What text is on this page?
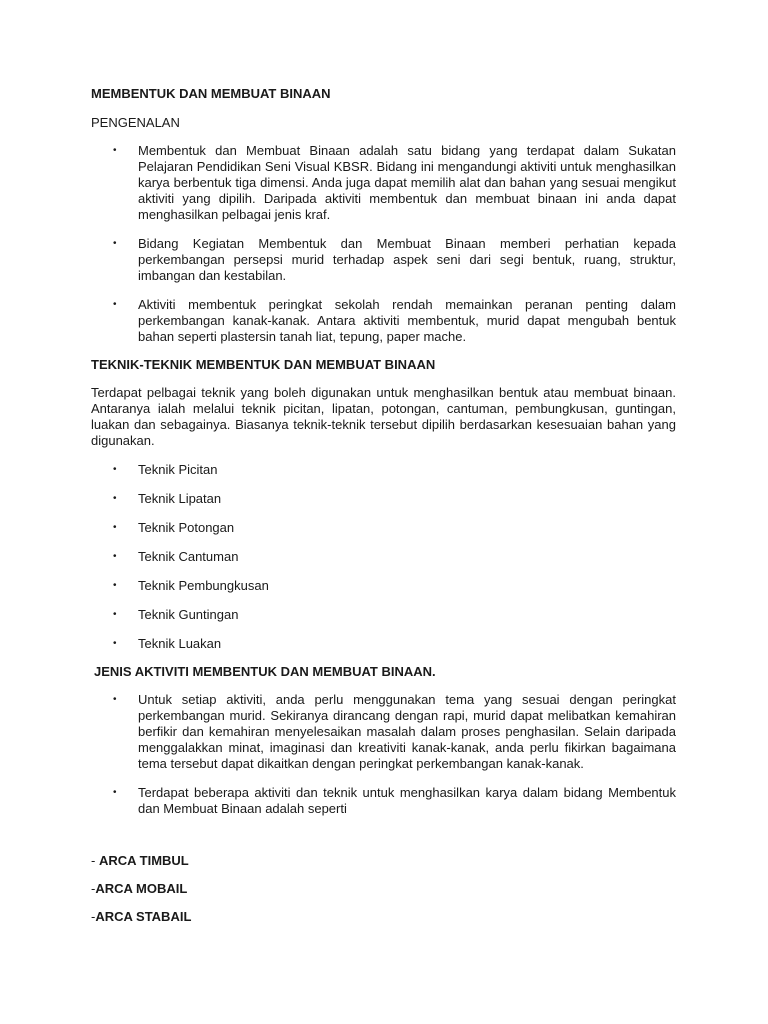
MEMBENTUK DAN MEMBUAT BINAAN

PENGENALAN

• Membentuk dan Membuat Binaan adalah satu bidang yang terdapat dalam Sukatan Pelajaran Pendidikan Seni Visual KBSR. Bidang ini mengandungi aktiviti untuk menghasilkan karya berbentuk tiga dimensi. Anda juga dapat memilih alat dan bahan yang sesuai mengikut aktiviti yang dipilih. Daripada aktiviti membentuk dan membuat binaan ini anda dapat menghasilkan pelbagai jenis kraf.
• Bidang Kegiatan Membentuk dan Membuat Binaan memberi perhatian kepada perkembangan persepsi murid terhadap aspek seni dari segi bentuk, ruang, struktur, imbangan dan kestabilan.
• Aktiviti membentuk peringkat sekolah rendah memainkan peranan penting dalam perkembangan kanak-kanak. Antara aktiviti membentuk, murid dapat mengubah bentuk bahan seperti plastersin tanah liat, tepung, paper mache.

TEKNIK-TEKNIK MEMBENTUK DAN MEMBUAT BINAAN

Terdapat pelbagai teknik yang boleh digunakan untuk menghasilkan bentuk atau membuat binaan. Antaranya ialah melalui teknik picitan, lipatan, potongan, cantuman, pembungkusan, guntingan, luakan dan sebagainya. Biasanya teknik-teknik tersebut dipilih berdasarkan kesesuaian bahan yang digunakan.

• Teknik Picitan
• Teknik Lipatan
• Teknik Potongan
• Teknik Cantuman
• Teknik Pembungkusan
• Teknik Guntingan
• Teknik Luakan

JENIS AKTIVITI MEMBENTUK DAN MEMBUAT BINAAN.

• Untuk setiap aktiviti, anda perlu menggunakan tema yang sesuai dengan peringkat perkembangan murid. Sekiranya dirancang dengan rapi, murid dapat melibatkan kemahiran berfikir dan kemahiran menyelesaikan masalah dalam proses penghasilan. Selain daripada menggalakkan minat, imaginasi dan kreativiti kanak-kanak, anda perlu fikirkan bagaimana tema tersebut dapat dikaitkan dengan peringkat perkembangan kanak-kanak.
• Terdapat beberapa aktiviti dan teknik untuk menghasilkan karya dalam bidang Membentuk dan Membuat Binaan adalah seperti

- ARCA TIMBUL

-ARCA MOBAIL

-ARCA STABAIL
